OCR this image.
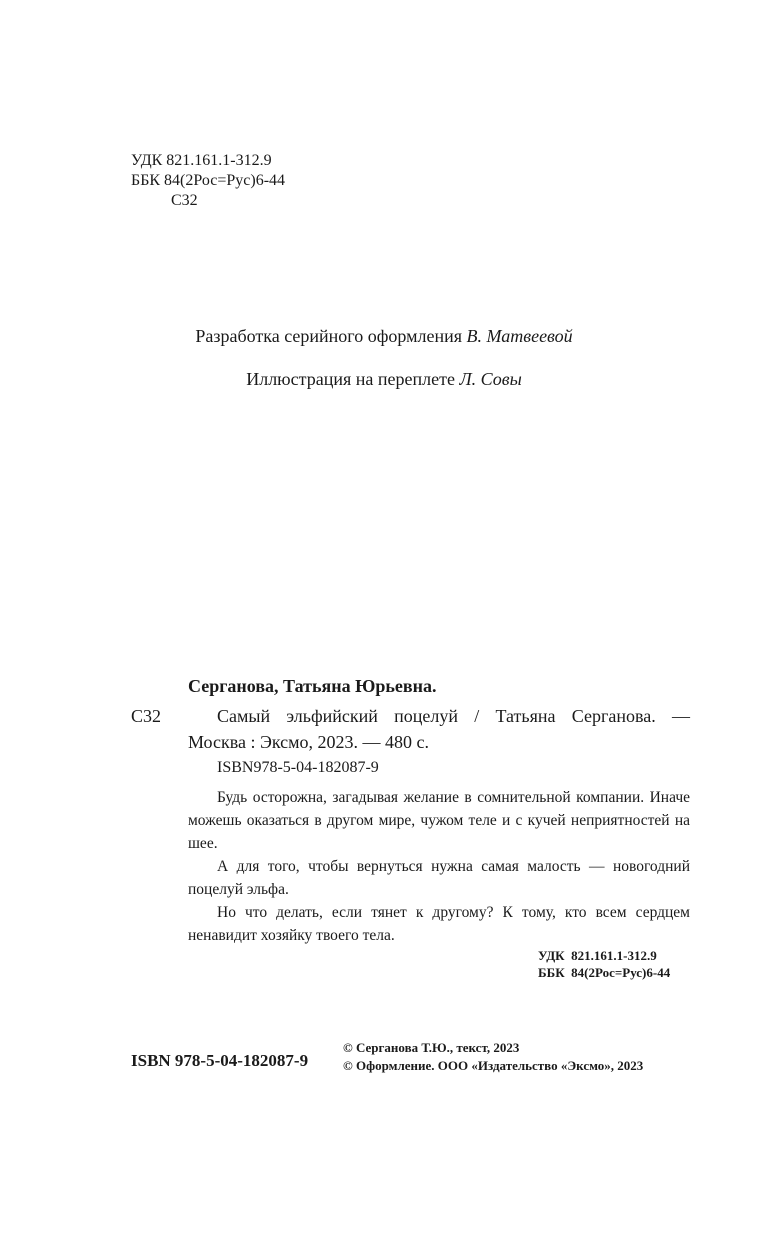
УДК 821.161.1-312.9
ББК 84(2Рос=Рус)6-44
С32
Разработка серийного оформления В. Матвеевой
Иллюстрация на переплете Л. Совы
Серганова, Татьяна Юрьевна.
С32	Самый эльфийский поцелуй / Татьяна Серганова. —
Москва : Эксмо, 2023. — 480 с.
ISBN978-5-04-182087-9

Будь осторожна, загадывая желание в сомнительной компании. Иначе можешь оказаться в другом мире, чужом теле и с кучей неприятностей на шее.

А для того, чтобы вернуться нужна самая малость — новогодний поцелуй эльфа.

Но что делать, если тянет к другому? К тому, кто всем сердцем ненавидит хозяйку твоего тела.

УДК 821.161.1-312.9
ББК 84(2Рос=Рус)6-44
ISBN 978-5-04-182087-9
© Серганова Т.Ю., текст, 2023
© Оформление. ООО «Издательство «Эксмо», 2023
